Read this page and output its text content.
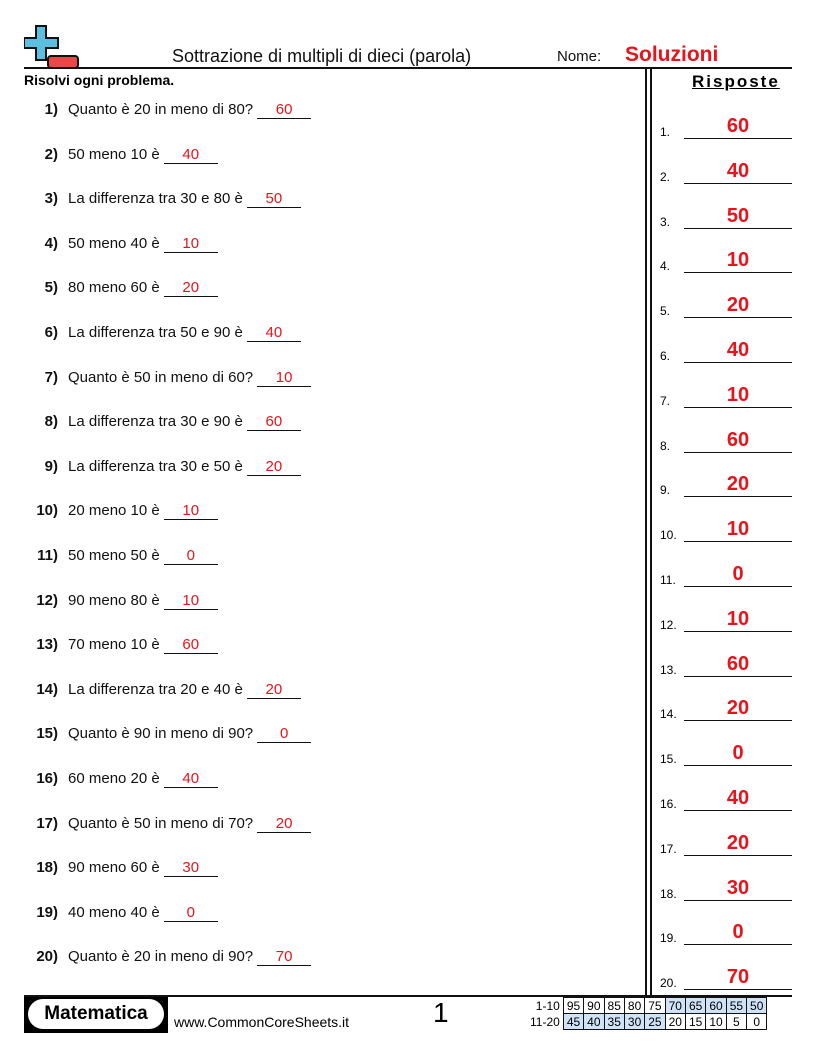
Sottrazione di multipli di dieci (parola)	Nome: Soluzioni
Risolvi ogni problema.	Risposte
1) Quanto è 20 in meno di 80?	60
2) 50 meno 10 è	40
3) La differenza tra 30 e 80 è	50
4) 50 meno 40 è	10
5) 80 meno 60 è	20
6) La differenza tra 50 e 90 è	40
7) Quanto è 50 in meno di 60?	10
8) La differenza tra 30 e 90 è	60
9) La differenza tra 30 e 50 è	20
10) 20 meno 10 è	10
11) 50 meno 50 è	0
12) 90 meno 80 è	10
13) 70 meno 10 è	60
14) La differenza tra 20 e 40 è	20
15) Quanto è 90 in meno di 90?	0
16) 60 meno 20 è	40
17) Quanto è 50 in meno di 70?	20
18) 90 meno 60 è	30
19) 40 meno 40 è	0
20) Quanto è 20 in meno di 90?	70
1.	60
2.	40
3.	50
4.	10
5.	20
6.	40
7.	10
8.	60
9.	20
10.	10
11.	0
12.	10
13.	60
14.	20
15.	0
16.	40
17.	20
18.	30
19.	0
20.	70
Matematica	www.CommonCoreSheets.it	1	1-10	95	90	85	80	75	70	65	60	55	50
11-20	45	40	35	30	25	20	15	10	5	0
